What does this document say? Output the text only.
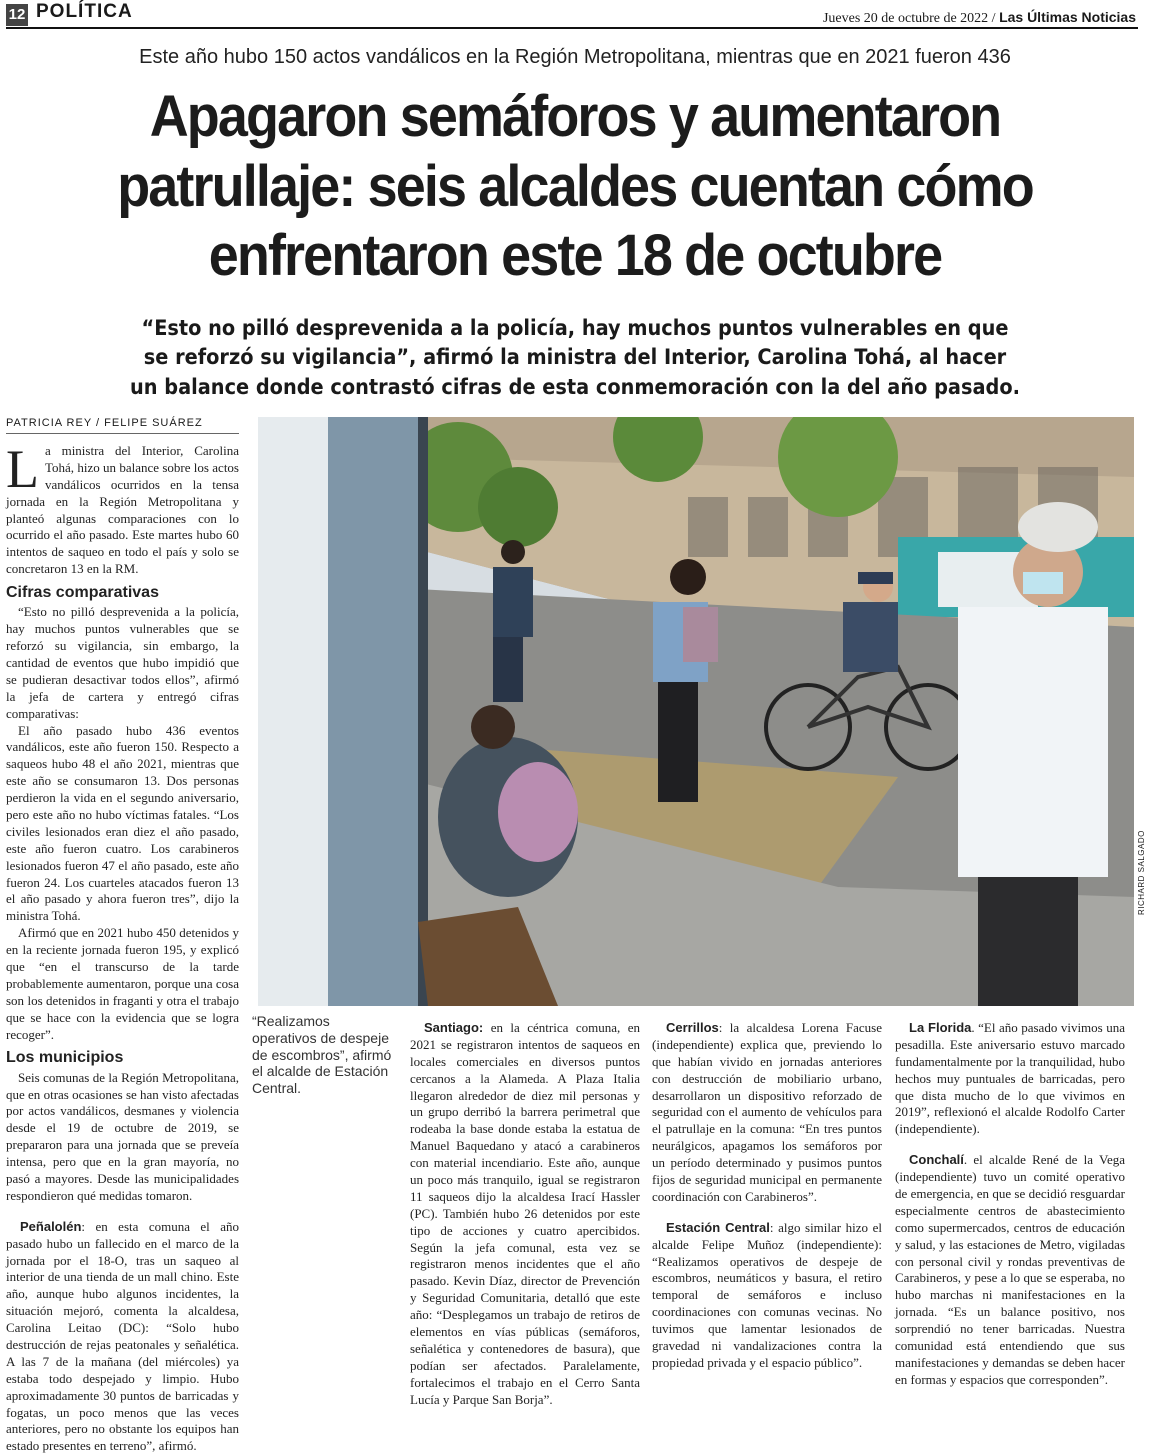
12 POLÍTICA	Jueves 20 de octubre de 2022 / Las Últimas Noticias
Este año hubo 150 actos vandálicos en la Región Metropolitana, mientras que en 2021 fueron 436
Apagaron semáforos y aumentaron patrullaje: seis alcaldes cuentan cómo enfrentaron este 18 de octubre
“Esto no pilló desprevenida a la policía, hay muchos puntos vulnerables en que se reforzó su vigilancia”, afirmó la ministra del Interior, Carolina Tohá, al hacer un balance donde contrastó cifras de esta conmemoración con la del año pasado.
PATRICIA REY / FELIPE SUÁREZ

La ministra del Interior, Carolina Tohá, hizo un balance sobre los actos vandálicos ocurridos en la tensa jornada en la Región Metropolitana y planteó algunas comparaciones con lo ocurrido el año pasado. Este martes hubo 60 intentos de saqueo en todo el país y solo se concretaron 13 en la RM.

Cifras comparativas

“Esto no pilló desprevenida a la policía, hay muchos puntos vulnerables que se reforzó su vigilancia, sin embargo, la cantidad de eventos que hubo impidió que se pudieran desactivar todos ellos”, afirmó la jefa de cartera y entregó cifras comparativas:

El año pasado hubo 436 eventos vandálicos, este año fueron 150. Respecto a saqueos hubo 48 el año 2021, mientras que este año se consumaron 13. Dos personas perdieron la vida en el segundo aniversario, pero este año no hubo víctimas fatales. “Los civiles lesionados eran diez el año pasado, este año fueron cuatro. Los carabineros lesionados fueron 47 el año pasado, este año fueron 24. Los cuarteles atacados fueron 13 el año pasado y ahora fueron tres”, dijo la ministra Tohá.

Afirmó que en 2021 hubo 450 detenidos y en la reciente jornada fueron 195, y explicó que “en el transcurso de la tarde probablemente aumentaron, porque una cosa son los detenidos in fraganti y otra el trabajo que se hace con la evidencia que se logra recoger”.

Los municipios

Seis comunas de la Región Metropolitana, que en otras ocasiones se han visto afectadas por actos vandálicos, desmanes y violencia desde el 19 de octubre de 2019, se prepararon para una jornada que se preveía intensa, pero que en la gran mayoría, no pasó a mayores. Desde las municipalidades respondieron qué medidas tomaron.

Peñalolén: en esta comuna el año pasado hubo un fallecido en el marco de la jornada por el 18-O, tras un saqueo al interior de una tienda de un mall chino. Este año, aunque hubo algunos incidentes, la situación mejoró, comenta la alcaldesa, Carolina Leitao (DC): “Solo hubo destrucción de rejas peatonales y señalética. A las 7 de la mañana (del miércoles) ya estaba todo despejado y limpio. Hubo aproximadamente 30 puntos de barricadas y fogatas, un poco menos que las veces anteriores, pero no obstante los equipos han estado presentes en terreno”, afirmó.

RICHARD SALGADO
“Realizamos operativos de despeje de escombros”, afirmó el alcalde de Estación Central.

Santiago: en la céntrica comuna, en 2021 se registraron intentos de saqueos en locales comerciales en diversos puntos cercanos a la Alameda. A Plaza Italia llegaron alrededor de diez mil personas y un grupo derribó la barrera perimetral que rodeaba la base donde estaba la estatua de Manuel Baquedano y atacó a carabineros con material incendiario. Este año, aunque un poco más tranquilo, igual se registraron 11 saqueos dijo la alcaldesa Irací Hassler (PC). También hubo 26 detenidos por este tipo de acciones y cuatro apercibidos. Según la jefa comunal, esta vez se registraron menos incidentes que el año pasado. Kevin Díaz, director de Prevención y Seguridad Comunitaria, detalló que este año: “Desplegamos un trabajo de retiros de elementos en vías públicas (semáforos, señalética y contenedores de basura), que podían ser afectados. Paralelamente, fortalecimos el trabajo en el Cerro Santa Lucía y Parque San Borja”.

Cerrillos: la alcaldesa Lorena Facuse (independiente) explica que, previendo lo que habían vivido en jornadas anteriores con destrucción de mobiliario urbano, desarrollaron un dispositivo reforzado de seguridad con el aumento de vehículos para el patrullaje en la comuna: “En tres puntos neurálgicos, apagamos los semáforos por un período determinado y pusimos puntos fijos de seguridad municipal en permanente coordinación con Carabineros”.

Estación Central: algo similar hizo el alcalde Felipe Muñoz (independiente): “Realizamos operativos de despeje de escombros, neumáticos y basura, el retiro temporal de semáforos e incluso coordinaciones con comunas vecinas. No tuvimos que lamentar lesionados de gravedad ni vandalizaciones contra la propiedad privada y el espacio público”.

La Florida. “El año pasado vivimos una pesadilla. Este aniversario estuvo marcado fundamentalmente por la tranquilidad, hubo hechos muy puntuales de barricadas, pero que dista mucho de lo que vivimos en 2019”, reflexionó el alcalde Rodolfo Carter (independiente).

Conchalí. el alcalde René de la Vega (independiente) tuvo un comité operativo de emergencia, en que se decidió resguardar especialmente centros de abastecimiento como supermercados, centros de educación y salud, y las estaciones de Metro, vigiladas con personal civil y rondas preventivas de Carabineros, y pese a lo que se esperaba, no hubo marchas ni manifestaciones en la jornada. “Es un balance positivo, nos sorprendió no tener barricadas. Nuestra comunidad está entendiendo que sus manifestaciones y demandas se deben hacer en formas y espacios que corresponden”.
